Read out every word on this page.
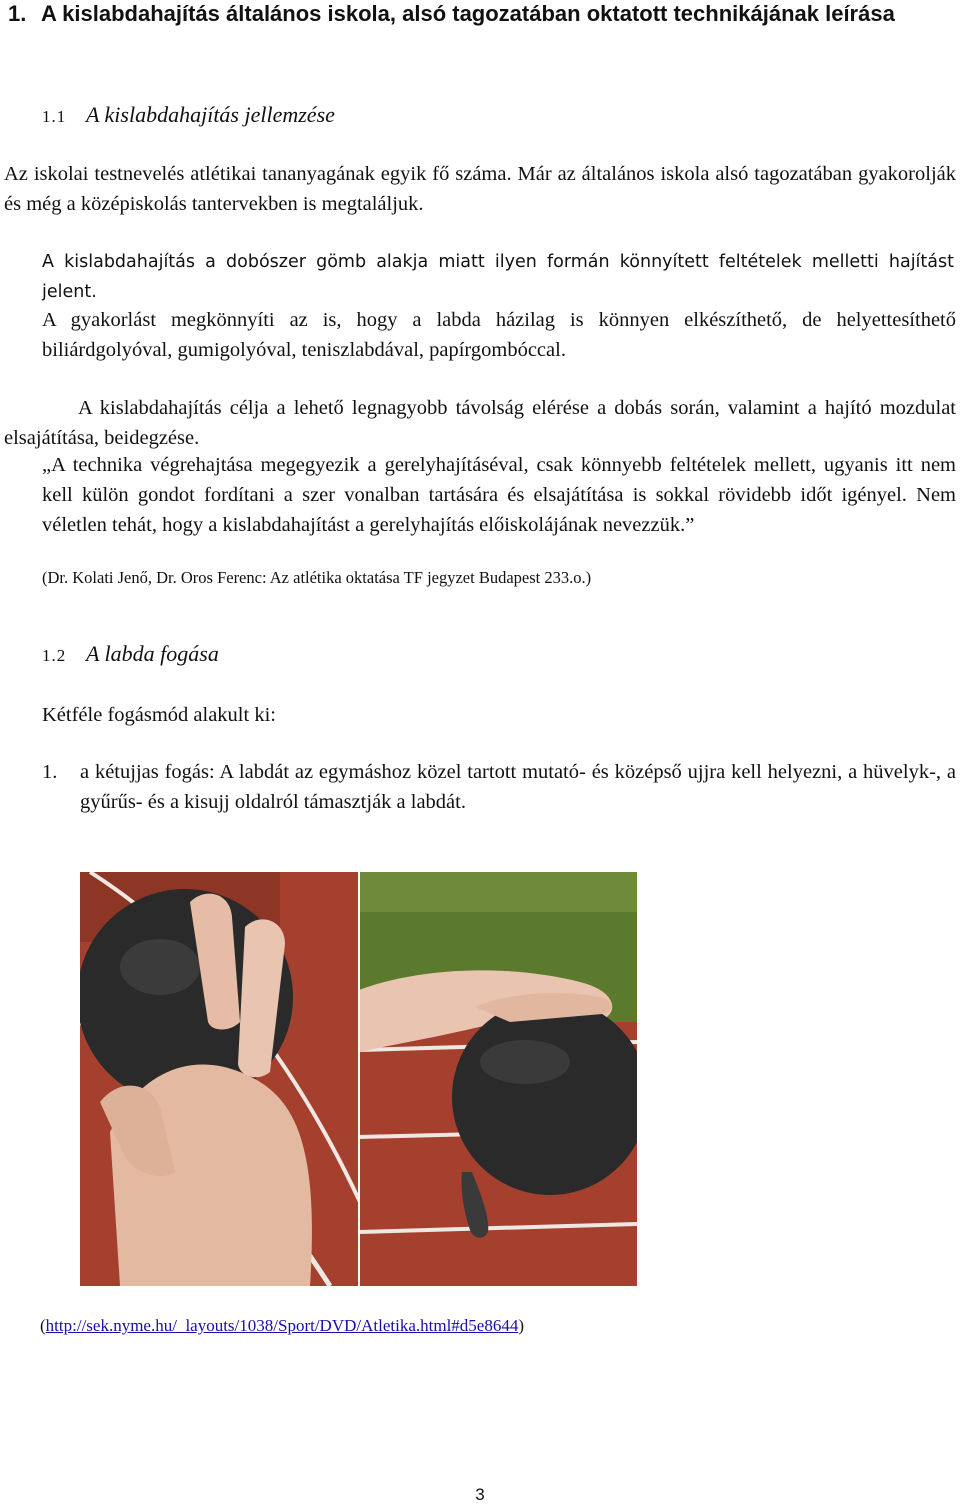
1. A kislabdahajítás általános iskola, alsó tagozatában oktatott technikájának leírása
1.1 A kislabdahajítás jellemzése
Az iskolai testnevelés atlétikai tananyagának egyik fő száma. Már az általános iskola alsó tagozatában gyakorolják és még a középiskolás tantervekben is megtaláljuk.
A kislabdahajítás a dobószer gömb alakja miatt ilyen formán könnyített feltételek melletti hajítást jelent.
A gyakorlást megkönnyíti az is, hogy a labda házilag is könnyen elkészíthető, de helyettesíthető biliárdgolyóval, gumigolyóval, teniszlabdával, papírgombóccal.
A kislabdahajítás célja a lehető legnagyobb távolság elérése a dobás során, valamint a hajító mozdulat elsajátítása, beidegzése.
„A technika végrehajtása megegyezik a gerelyhajításéval, csak könnyebb feltételek mellett, ugyanis itt nem kell külön gondot fordítani a szer vonalban tartására és elsajátítása is sokkal rövidebb időt igényel. Nem véletlen tehát, hogy a kislabdahajítást a gerelyhajítás előiskolájának nevezzük.”
(Dr. Kolati Jenő, Dr. Oros Ferenc: Az atlétika oktatása TF jegyzet Budapest 233.o.)
1.2 A labda fogása
Kétféle fogásmód alakult ki:
1. a kétujjas fogás: A labdát az egymáshoz közel tartott mutató- és középső ujjra kell helyezni, a hüvelyk-, a gyűrűs- és a kisujj oldalról támasztják a labdát.
(http://sek.nyme.hu/_layouts/1038/Sport/DVD/Atletika.html#d5e8644)
3
